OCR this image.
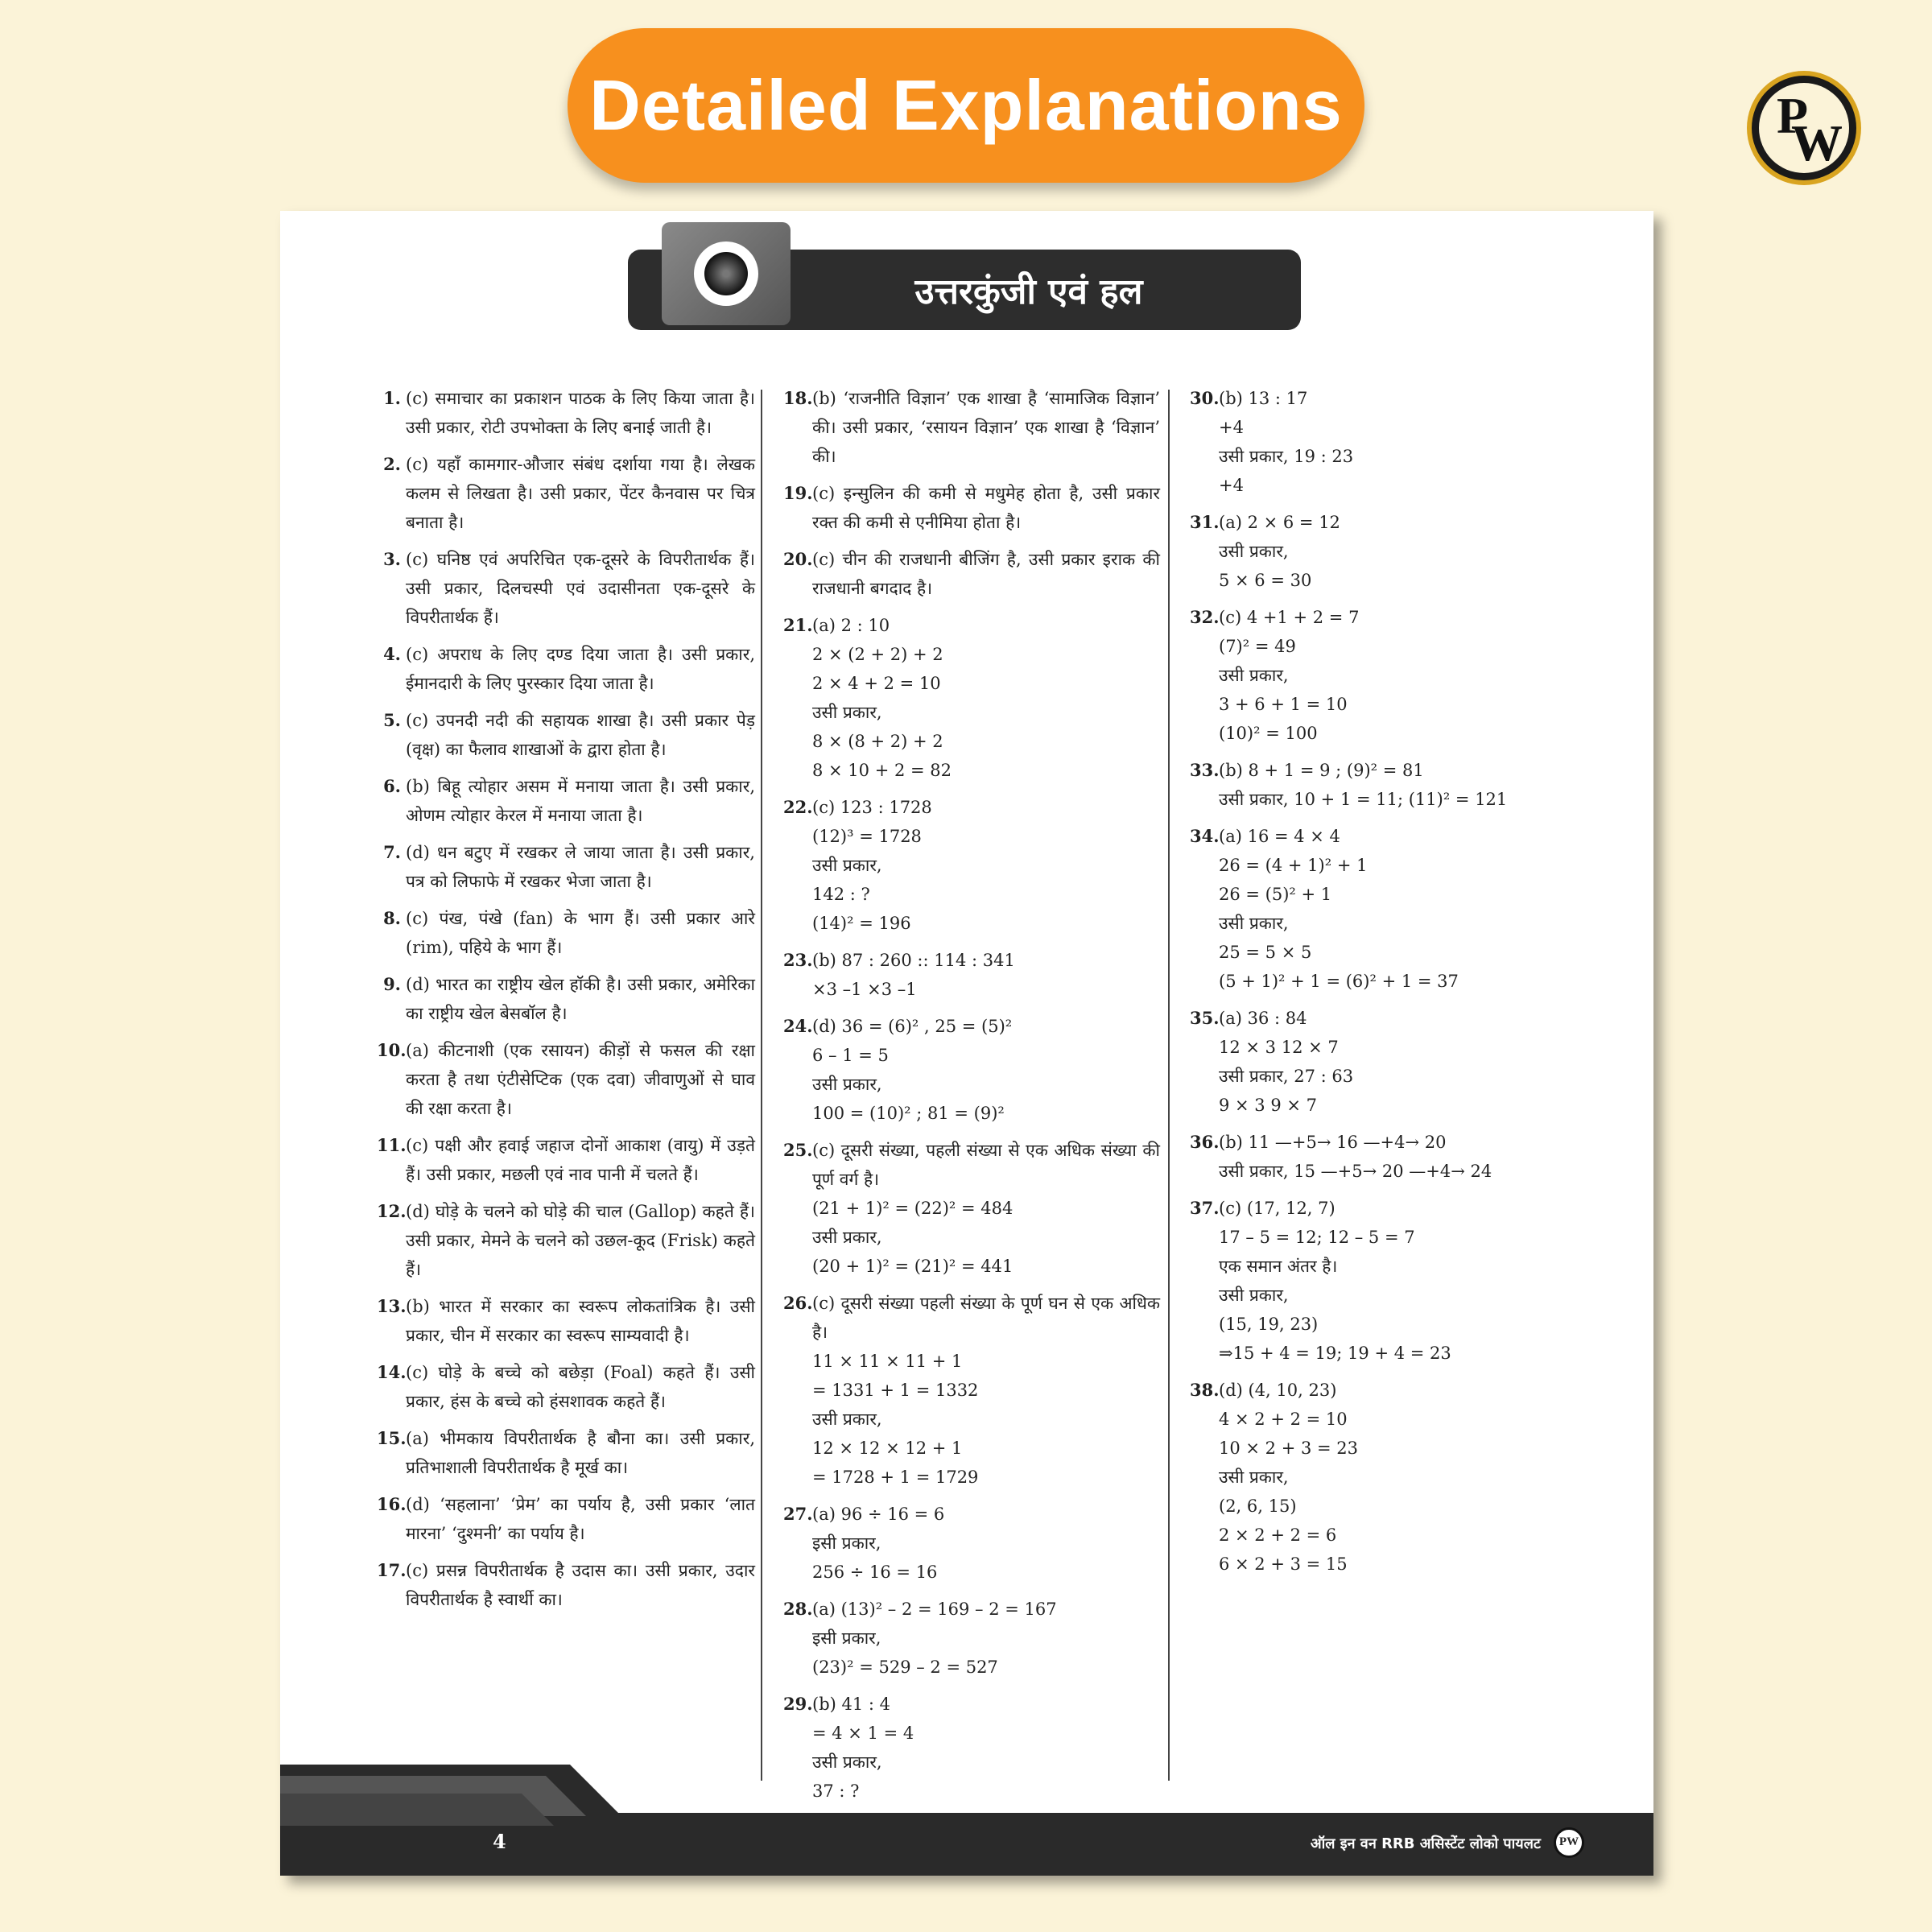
Detailed Explanations	P
W
उत्तरकुंजी एवं हल
1. (c) समाचार का प्रकाशन पाठक के लिए किया जाता है। उसी प्रकार, रोटी उपभोक्ता के लिए बनाई जाती है।
2. (c) यहाँ कामगार-औजार संबंध दर्शाया गया है। लेखक कलम से लिखता है। उसी प्रकार, पेंटर कैनवास पर चित्र बनाता है।
3. (c) घनिष्ठ एवं अपरिचित एक-दूसरे के विपरीतार्थक हैं। उसी प्रकार, दिलचस्पी एवं उदासीनता एक-दूसरे के विपरीतार्थक हैं।
4. (c) अपराध के लिए दण्ड दिया जाता है। उसी प्रकार, ईमानदारी के लिए पुरस्कार दिया जाता है।
5. (c) उपनदी नदी की सहायक शाखा है। उसी प्रकार पेड़ (वृक्ष) का फैलाव शाखाओं के द्वारा होता है।
6. (b) बिहू त्योहार असम में मनाया जाता है। उसी प्रकार, ओणम त्योहार केरल में मनाया जाता है।
7. (d) धन बटुए में रखकर ले जाया जाता है। उसी प्रकार, पत्र को लिफाफे में रखकर भेजा जाता है।
8. (c) पंख, पंखे (fan) के भाग हैं। उसी प्रकार आरे (rim), पहिये के भाग हैं।
9. (d) भारत का राष्ट्रीय खेल हॉकी है। उसी प्रकार, अमेरिका का राष्ट्रीय खेल बेसबॉल है।
10. (a) कीटनाशी (एक रसायन) कीड़ों से फसल की रक्षा करता है तथा एंटीसेप्टिक (एक दवा) जीवाणुओं से घाव की रक्षा करता है।
11. (c) पक्षी और हवाई जहाज दोनों आकाश (वायु) में उड़ते हैं। उसी प्रकार, मछली एवं नाव पानी में चलते हैं।
12. (d) घोड़े के चलने को घोड़े की चाल (Gallop) कहते हैं। उसी प्रकार, मेमने के चलने को उछल-कूद (Frisk) कहते हैं।
13. (b) भारत में सरकार का स्वरूप लोकतांत्रिक है। उसी प्रकार, चीन में सरकार का स्वरूप साम्यवादी है।
14. (c) घोड़े के बच्चे को बछेड़ा (Foal) कहते हैं। उसी प्रकार, हंस के बच्चे को हंसशावक कहते हैं।
15. (a) भीमकाय विपरीतार्थक है बौना का। उसी प्रकार, प्रतिभाशाली विपरीतार्थक है मूर्ख का।
16. (d) ‘सहलाना’ ‘प्रेम’ का पर्याय है, उसी प्रकार ‘लात मारना’ ‘दुश्मनी’ का पर्याय है।
17. (c) प्रसन्न विपरीतार्थक है उदास का। उसी प्रकार, उदार विपरीतार्थक है स्वार्थी का।
18. (b) ‘राजनीति विज्ञान’ एक शाखा है ‘सामाजिक विज्ञान’ की। उसी प्रकार, ‘रसायन विज्ञान’ एक शाखा है ‘विज्ञान’ की।
19. (c) इन्सुलिन की कमी से मधुमेह होता है, उसी प्रकार रक्त की कमी से एनीमिया होता है।
20. (c) चीन की राजधानी बीजिंग है, उसी प्रकार इराक की राजधानी बगदाद है।
21. (a) 2 : 10
2 × (2 + 2) + 2
2 × 4 + 2 = 10
उसी प्रकार,
8 × (8 + 2) + 2
8 × 10 + 2 = 82
22. (c) 123 : 1728
(12)³ = 1728
उसी प्रकार,
142 : ?
(14)² = 196
23. (b) 87 : 260 :: 114 : 341
×3 –1 ×3 –1
24. (d) 36 = (6)² , 25 = (5)²
6 – 1 = 5
उसी प्रकार,
100 = (10)² ; 81 = (9)²
25. (c) दूसरी संख्या, पहली संख्या से एक अधिक संख्या की पूर्ण वर्ग है।
(21 + 1)² = (22)² = 484
उसी प्रकार,
(20 + 1)² = (21)² = 441
26. (c) दूसरी संख्या पहली संख्या के पूर्ण घन से एक अधिक है।
11 × 11 × 11 + 1
= 1331 + 1 = 1332
उसी प्रकार,
12 × 12 × 12 + 1
= 1728 + 1 = 1729
27. (a) 96 ÷ 16 = 6
इसी प्रकार,
256 ÷ 16 = 16
28. (a) (13)² – 2 = 169 – 2 = 167
इसी प्रकार,
(23)² = 529 – 2 = 527
29. (b) 41 : 4
= 4 × 1 = 4
उसी प्रकार,
37 : ?
30. (b) 13 : 17
+4
उसी प्रकार, 19 : 23
+4
31. (a) 2 × 6 = 12
उसी प्रकार,
5 × 6 = 30
32. (c) 4 +1 + 2 = 7
(7)² = 49
उसी प्रकार,
3 + 6 + 1 = 10
(10)² = 100
33. (b) 8 + 1 = 9 ; (9)² = 81
उसी प्रकार, 10 + 1 = 11; (11)² = 121
34. (a) 16 = 4 × 4
26 = (4 + 1)² + 1
26 = (5)² + 1
उसी प्रकार,
25 = 5 × 5
(5 + 1)² + 1 = (6)² + 1 = 37
35. (a) 36 : 84
12 × 3 12 × 7
उसी प्रकार, 27 : 63
9 × 3 9 × 7
36. (b) 11 —+5→ 16 —+4→ 20
उसी प्रकार, 15 —+5→ 20 —+4→ 24
37. (c) (17, 12, 7)
17 – 5 = 12; 12 – 5 = 7
एक समान अंतर है।
उसी प्रकार,
(15, 19, 23)
⇒15 + 4 = 19; 19 + 4 = 23
38. (d) (4, 10, 23)
4 × 2 + 2 = 10
10 × 2 + 3 = 23
उसी प्रकार,
(2, 6, 15)
2 × 2 + 2 = 6
6 × 2 + 3 = 15
4	ऑल इन वन RRB असिस्टेंट लोको पायलट	PW
